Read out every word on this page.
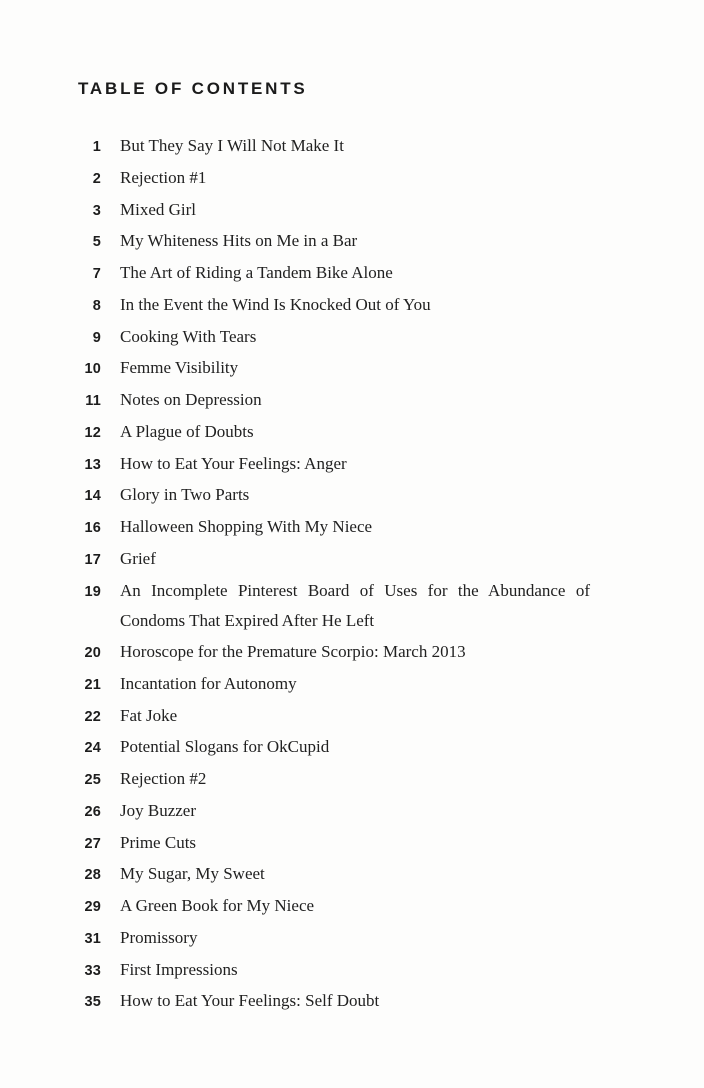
TABLE OF CONTENTS
1 But They Say I Will Not Make It
2 Rejection #1
3 Mixed Girl
5 My Whiteness Hits on Me in a Bar
7 The Art of Riding a Tandem Bike Alone
8 In the Event the Wind Is Knocked Out of You
9 Cooking With Tears
10 Femme Visibility
11 Notes on Depression
12 A Plague of Doubts
13 How to Eat Your Feelings: Anger
14 Glory in Two Parts
16 Halloween Shopping With My Niece
17 Grief
19 An Incomplete Pinterest Board of Uses for the Abundance of Condoms That Expired After He Left
20 Horoscope for the Premature Scorpio: March 2013
21 Incantation for Autonomy
22 Fat Joke
24 Potential Slogans for OkCupid
25 Rejection #2
26 Joy Buzzer
27 Prime Cuts
28 My Sugar, My Sweet
29 A Green Book for My Niece
31 Promissory
33 First Impressions
35 How to Eat Your Feelings: Self Doubt
